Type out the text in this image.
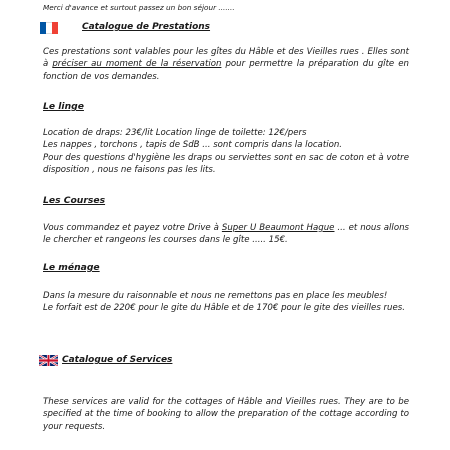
Merci d'avance et surtout passez un bon séjour .......
Catalogue de Prestations

Ces prestations sont valables pour les gîtes du Hâble et des Vieilles rues . Elles sont à préciser au moment de la réservation pour permettre la préparation du gîte en fonction de vos demandes.

Le linge

Location de draps: 23€/lit Location linge de toilette: 12€/pers
Les nappes , torchons , tapis de SdB ... sont compris dans la location.
Pour des questions d'hygiène les draps ou serviettes sont en sac de coton et à votre disposition , nous ne faisons pas les lits.

Les Courses

Vous commandez et payez votre Drive à Super U Beaumont Hague ... et nous allons le chercher et rangeons les courses dans le gîte ..... 15€.

Le ménage

Dans la mesure du raisonnable et nous ne remettons pas en place les meubles!
Le forfait est de 220€ pour le gite du Hâble et de 170€ pour le gite des vieilles rues.

Catalogue of Services

These services are valid for the cottages of Hâble and Vieilles rues. They are to be specified at the time of booking to allow the preparation of the cottage according to your requests.
